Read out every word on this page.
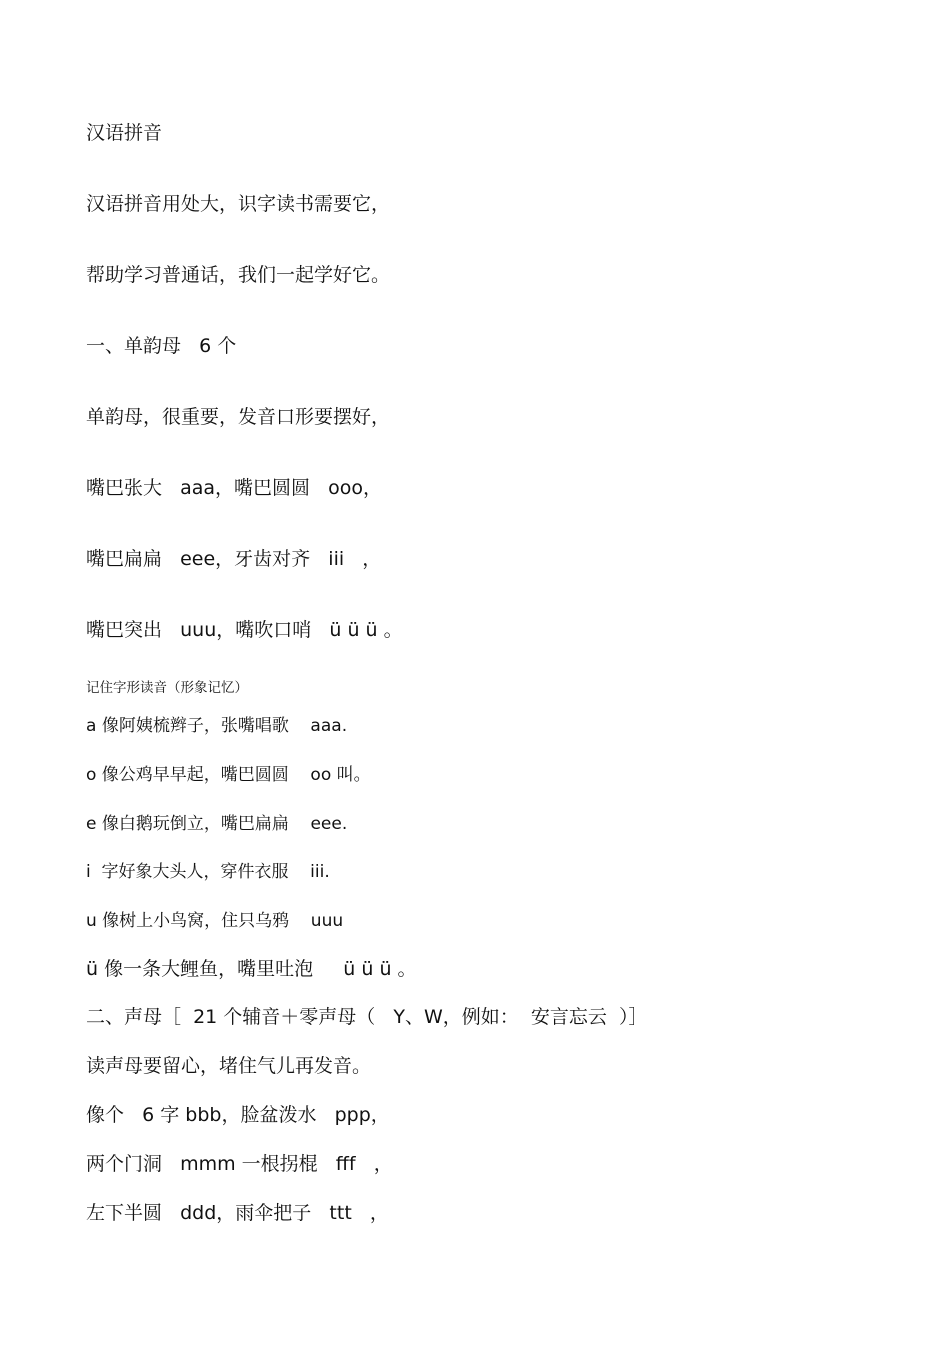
汉语拼音
汉语拼音用处大，识字读书需要它，
帮助学习普通话，我们一起学好它。
一、单韵母   6 个
单韵母，很重要，发音口形要摆好，
嘴巴张大   aaa，嘴巴圆圆   ooo，
嘴巴扁扁   eee，牙齿对齐   iii   ，
嘴巴突出   uuu，嘴吹口哨   ü ü ü 。
记住字形读音（形象记忆）
a 像阿姨梳辫子，张嘴唱歌    aaa.
o 像公鸡早早起，嘴巴圆圆    oo 叫。
e 像白鹅玩倒立，嘴巴扁扁    eee.
i  字好象大头人，穿件衣服    iii.
u 像树上小鸟窝，住只乌鸦    uuu
ü 像一条大鲤鱼，嘴里吐泡     ü ü ü 。
二、声母［  21 个辅音＋零声母（   Y、W，例如：  安言忘云  ）］
读声母要留心，堵住气儿再发音。
像个   6 字 bbb，脸盆泼水   ppp，
两个门洞   mmm 一根拐棍   fff   ，
左下半圆   ddd，雨伞把子   ttt   ，
